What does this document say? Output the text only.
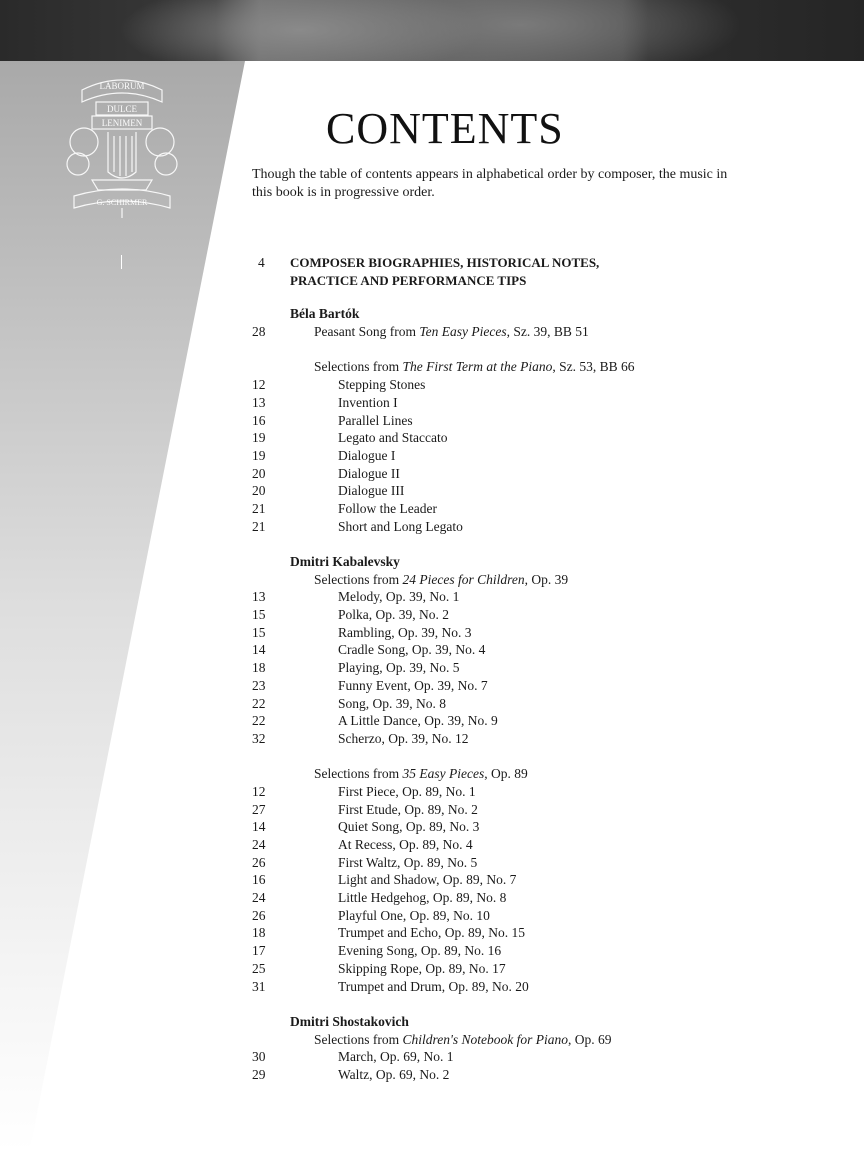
LABORUM
DULCE
LENIMEN
G. SCHIRMER
CONTENTS

Though the table of contents appears in alphabetical order by composer, the music in this book is in progressive order.

4	COMPOSER BIOGRAPHIES, HISTORICAL NOTES,
PRACTICE AND PERFORMANCE TIPS
Béla Bartók
28	Peasant Song from Ten Easy Pieces, Sz. 39, BB 51
Selections from The First Term at the Piano, Sz. 53, BB 66
12	Stepping Stones
13	Invention I
16	Parallel Lines
19	Legato and Staccato
19	Dialogue I
20	Dialogue II
20	Dialogue III
21	Follow the Leader
21	Short and Long Legato
Dmitri Kabalevsky
Selections from 24 Pieces for Children, Op. 39
13	Melody, Op. 39, No. 1
15	Polka, Op. 39, No. 2
15	Rambling, Op. 39, No. 3
14	Cradle Song, Op. 39, No. 4
18	Playing, Op. 39, No. 5
23	Funny Event, Op. 39, No. 7
22	Song, Op. 39, No. 8
22	A Little Dance, Op. 39, No. 9
32	Scherzo, Op. 39, No. 12
Selections from 35 Easy Pieces, Op. 89
12	First Piece, Op. 89, No. 1
27	First Etude, Op. 89, No. 2
14	Quiet Song, Op. 89, No. 3
24	At Recess, Op. 89, No. 4
26	First Waltz, Op. 89, No. 5
16	Light and Shadow, Op. 89, No. 7
24	Little Hedgehog, Op. 89, No. 8
26	Playful One, Op. 89, No. 10
18	Trumpet and Echo, Op. 89, No. 15
17	Evening Song, Op. 89, No. 16
25	Skipping Rope, Op. 89, No. 17
31	Trumpet and Drum, Op. 89, No. 20
Dmitri Shostakovich
Selections from Children's Notebook for Piano, Op. 69
30	March, Op. 69, No. 1
29	Waltz, Op. 69, No. 2
